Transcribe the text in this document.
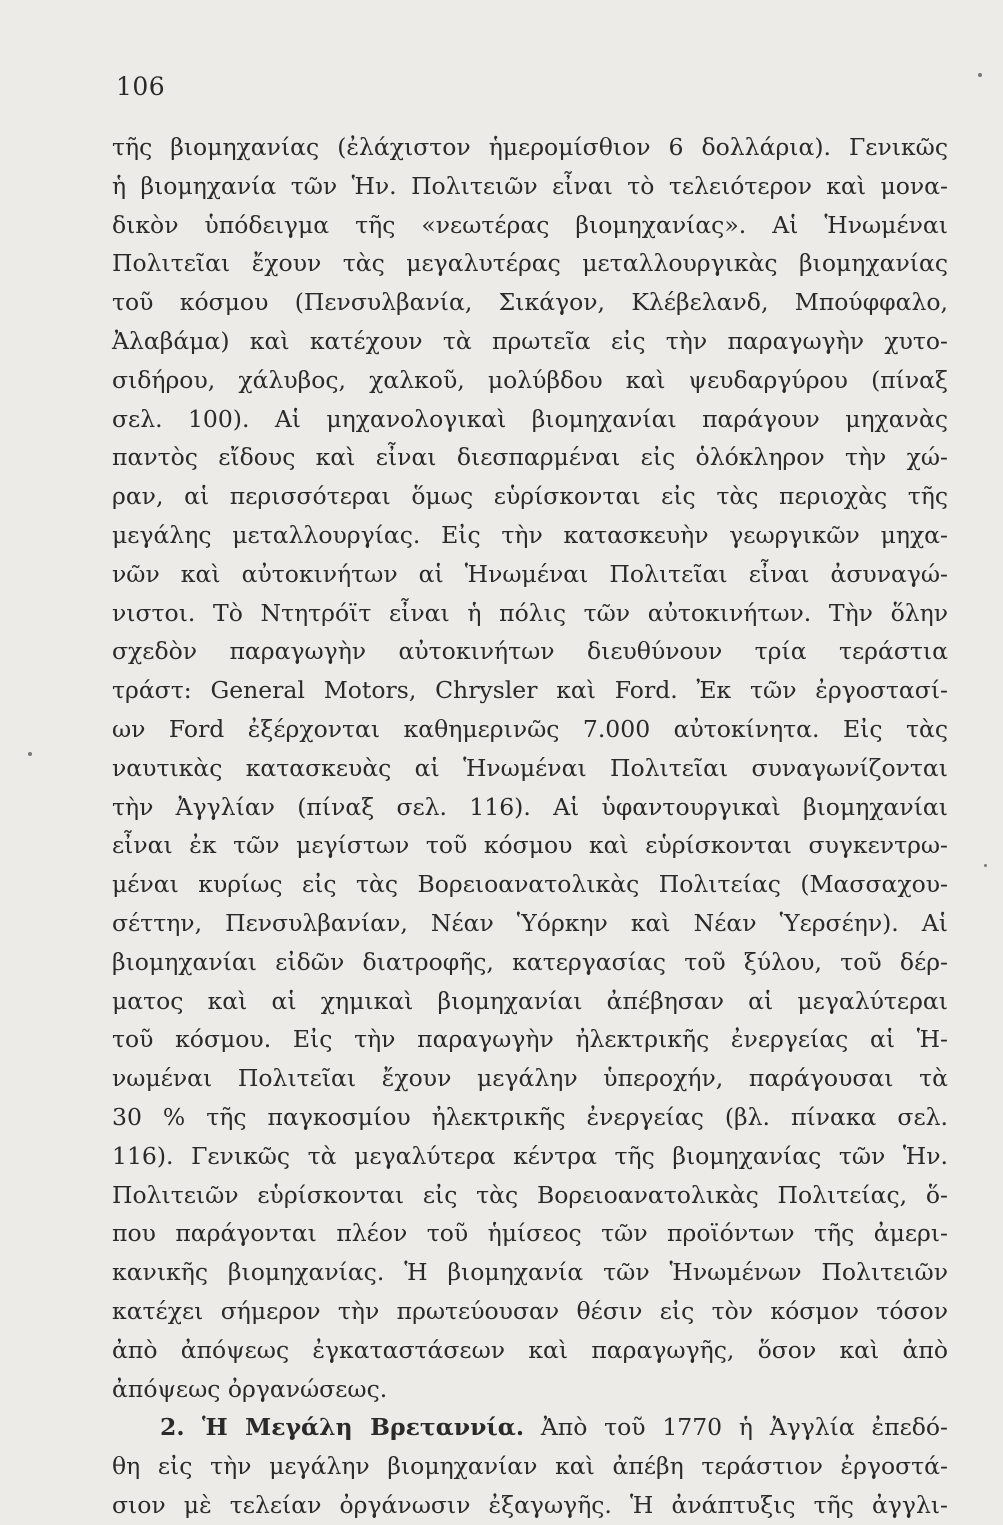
106
τῆς βιομηχανίας (ἐλάχιστον ἡμερομίσθιον 6 δολλάρια). Γενικῶς
ἡ βιομηχανία τῶν Ἡν. Πολιτειῶν εἶναι τὸ τελειότερον καὶ μονα-
δικὸν ὑπόδειγμα τῆς «νεωτέρας βιομηχανίας». Αἱ Ἡνωμέναι
Πολιτεῖαι ἔχουν τὰς μεγαλυτέρας μεταλλουργικὰς βιομηχανίας
τοῦ κόσμου (Πενσυλβανία, Σικάγον, Κλέβελανδ, Μπούφφαλο,
Ἀλαβάμα) καὶ κατέχουν τὰ πρωτεῖα εἰς τὴν παραγωγὴν χυτο-
σιδήρου, χάλυβος, χαλκοῦ, μολύβδου καὶ ψευδαργύρου (πίναξ
σελ. 100). Αἱ μηχανολογικαὶ βιομηχανίαι παράγουν μηχανὰς
παντὸς εἴδους καὶ εἶναι διεσπαρμέναι εἰς ὁλόκληρον τὴν χώ-
ραν, αἱ περισσότεραι ὅμως εὑρίσκονται εἰς τὰς περιοχὰς τῆς
μεγάλης μεταλλουργίας. Εἰς τὴν κατασκευὴν γεωργικῶν μηχα-
νῶν καὶ αὐτοκινήτων αἱ Ἡνωμέναι Πολιτεῖαι εἶναι ἀσυναγώ-
νιστοι. Τὸ Ντητρόϊτ εἶναι ἡ πόλις τῶν αὐτοκινήτων. Τὴν ὅλην
σχεδὸν παραγωγὴν αὐτοκινήτων διευθύνουν τρία τεράστια
τράστ: General Motors, Chrysler καὶ Ford. Ἐκ τῶν ἐργοστασί-
ων Ford ἐξέρχονται καθημερινῶς 7.000 αὐτοκίνητα. Εἰς τὰς
ναυτικὰς κατασκευὰς αἱ Ἡνωμέναι Πολιτεῖαι συναγωνίζονται
τὴν Ἀγγλίαν (πίναξ σελ. 116). Αἱ ὑφαντουργικαὶ βιομηχανίαι
εἶναι ἐκ τῶν μεγίστων τοῦ κόσμου καὶ εὑρίσκονται συγκεντρω-
μέναι κυρίως εἰς τὰς Βορειοανατολικὰς Πολιτείας (Μασσαχου-
σέττην, Πενσυλβανίαν, Νέαν Ὑόρκην καὶ Νέαν Ὑερσέην). Αἱ
βιομηχανίαι εἰδῶν διατροφῆς, κατεργασίας τοῦ ξύλου, τοῦ δέρ-
ματος καὶ αἱ χημικαὶ βιομηχανίαι ἀπέβησαν αἱ μεγαλύτεραι
τοῦ κόσμου. Εἰς τὴν παραγωγὴν ἠλεκτρικῆς ἐνεργείας αἱ Ἡ-
νωμέναι Πολιτεῖαι ἔχουν μεγάλην ὑπεροχήν, παράγουσαι τὰ
30 % τῆς παγκοσμίου ἠλεκτρικῆς ἐνεργείας (βλ. πίνακα σελ.
116). Γενικῶς τὰ μεγαλύτερα κέντρα τῆς βιομηχανίας τῶν Ἡν.
Πολιτειῶν εὑρίσκονται εἰς τὰς Βορειοανατολικὰς Πολιτείας, ὅ-
που παράγονται πλέον τοῦ ἡμίσεος τῶν προϊόντων τῆς ἀμερι-
κανικῆς βιομηχανίας. Ἡ βιομηχανία τῶν Ἡνωμένων Πολιτειῶν
κατέχει σήμερον τὴν πρωτεύουσαν θέσιν εἰς τὸν κόσμον τόσον
ἀπὸ ἀπόψεως ἐγκαταστάσεων καὶ παραγωγῆς, ὅσον καὶ ἀπὸ
ἀπόψεως ὀργανώσεως.
2. Ἡ Μεγάλη Βρεταννία. Ἀπὸ τοῦ 1770 ἡ Ἀγγλία ἐπεδό-
θη εἰς τὴν μεγάλην βιομηχανίαν καὶ ἀπέβη τεράστιον ἐργοστά-
σιον μὲ τελείαν ὀργάνωσιν ἐξαγωγῆς. Ἡ ἀνάπτυξις τῆς ἀγγλι-
